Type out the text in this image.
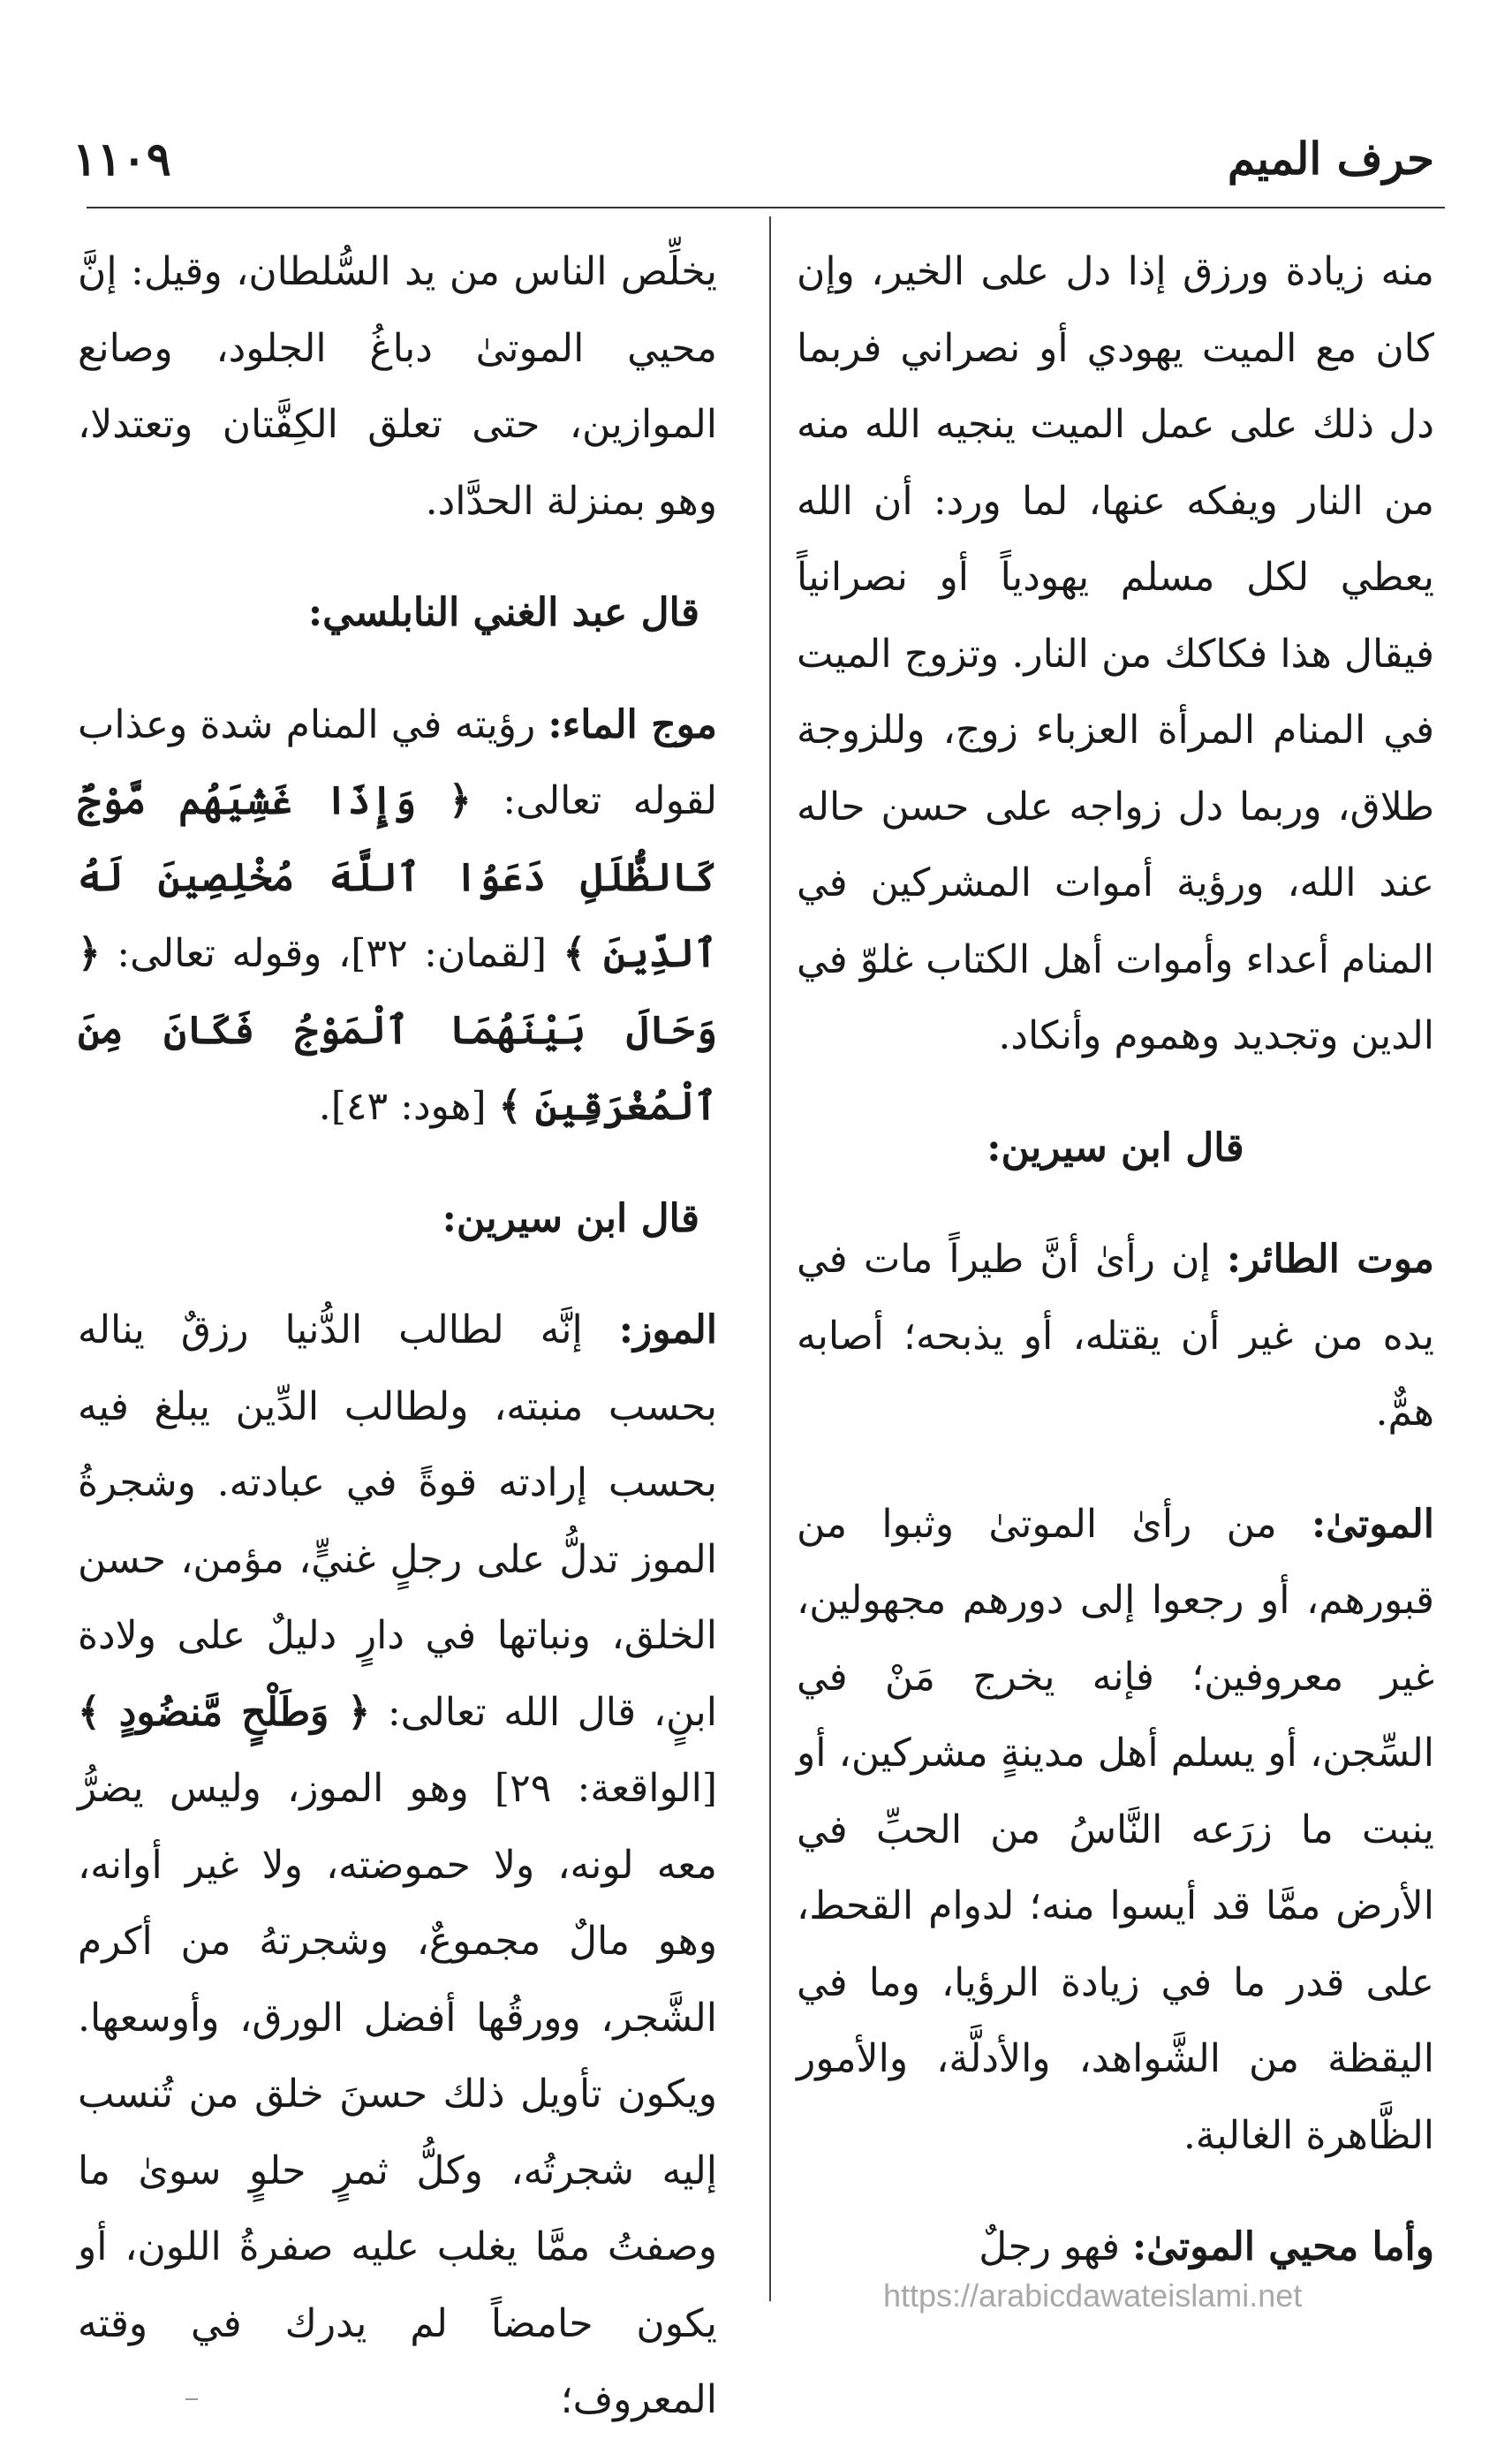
حرف الميم
١١٠٩

منه زيادة ورزق إذا دل على الخير، وإن كان مع الميت يهودي أو نصراني فربما دل ذلك على عمل الميت ينجيه الله منه من النار ويفكه عنها، لما ورد: أن الله يعطي لكل مسلم يهودياً أو نصرانياً فيقال هذا فكاكك من النار. وتزوج الميت في المنام المرأة العزباء زوج، وللزوجة طلاق، وربما دل زواجه على حسن حاله عند الله، ورؤية أموات المشركين في المنام أعداء وأموات أهل الكتاب غلوّ في الدين وتجديد وهموم وأنكاد.

قال ابن سيرين:

موت الطائر: إن رأىٰ أنَّ طيراً مات في يده من غير أن يقتله، أو يذبحه؛ أصابه همٌّ.

الموتىٰ: من رأىٰ الموتىٰ وثبوا من قبورهم، أو رجعوا إلى دورهم مجهولين، غير معروفين؛ فإنه يخرج مَنْ في السِّجن، أو يسلم أهل مدينةٍ مشركين، أو ينبت ما زرَعه النَّاسُ من الحبِّ في الأرض ممَّا قد أيسوا منه؛ لدوام القحط، على قدر ما في زيادة الرؤيا، وما في اليقظة من الشَّواهد، والأدلَّة، والأمور الظَّاهرة الغالبة.

وأما محيي الموتىٰ: فهو رجلٌ

يخلِّص الناس من يد السُّلطان، وقيل: إنَّ محيي الموتىٰ دباغُ الجلود، وصانع الموازين، حتى تعلق الكِفَّتان وتعتدلا، وهو بمنزلة الحدَّاد.

قال عبد الغني النابلسي:

موج الماء: رؤيته في المنام شدة وعذاب لقوله تعالى: ﴿ وَإِذَا غَشِيَهُم مَّوْجٌ كَالظُّلَلِ دَعَوُا ٱللَّهَ مُخْلِصِينَ لَهُ ٱلدِّينَ ﴾ [لقمان: ٣٢]، وقوله تعالى: ﴿ وَحَالَ بَيْنَهُمَا ٱلْمَوْجُ فَكَانَ مِنَ ٱلْمُغْرَقِينَ ﴾ [هود: ٤٣].

قال ابن سيرين:

الموز: إنَّه لطالب الدُّنيا رزقٌ يناله بحسب منبته، ولطالب الدِّين يبلغ فيه بحسب إرادته قوةً في عبادته. وشجرةُ الموز تدلُّ على رجلٍ غنيٍّ، مؤمن، حسن الخلق، ونباتها في دارٍ دليلٌ على ولادة ابنٍ، قال الله تعالى: ﴿ وَطَلْحٍ مَّنضُودٍ ﴾ [الواقعة: ٢٩] وهو الموز، وليس يضرُّ معه لونه، ولا حموضته، ولا غير أوانه، وهو مالٌ مجموعٌ، وشجرتهُ من أكرم الشَّجر، وورقُها أفضل الورق، وأوسعها. ويكون تأويل ذلك حسنَ خلق من تُنسب إليه شجرتُه، وكلُّ ثمرٍ حلوٍ سوىٰ ما وصفتُ ممَّا يغلب عليه صفرةُ اللون، أو يكون حامضاً لم يدرك في وقته المعروف؛

https://arabicdawateislami.net
